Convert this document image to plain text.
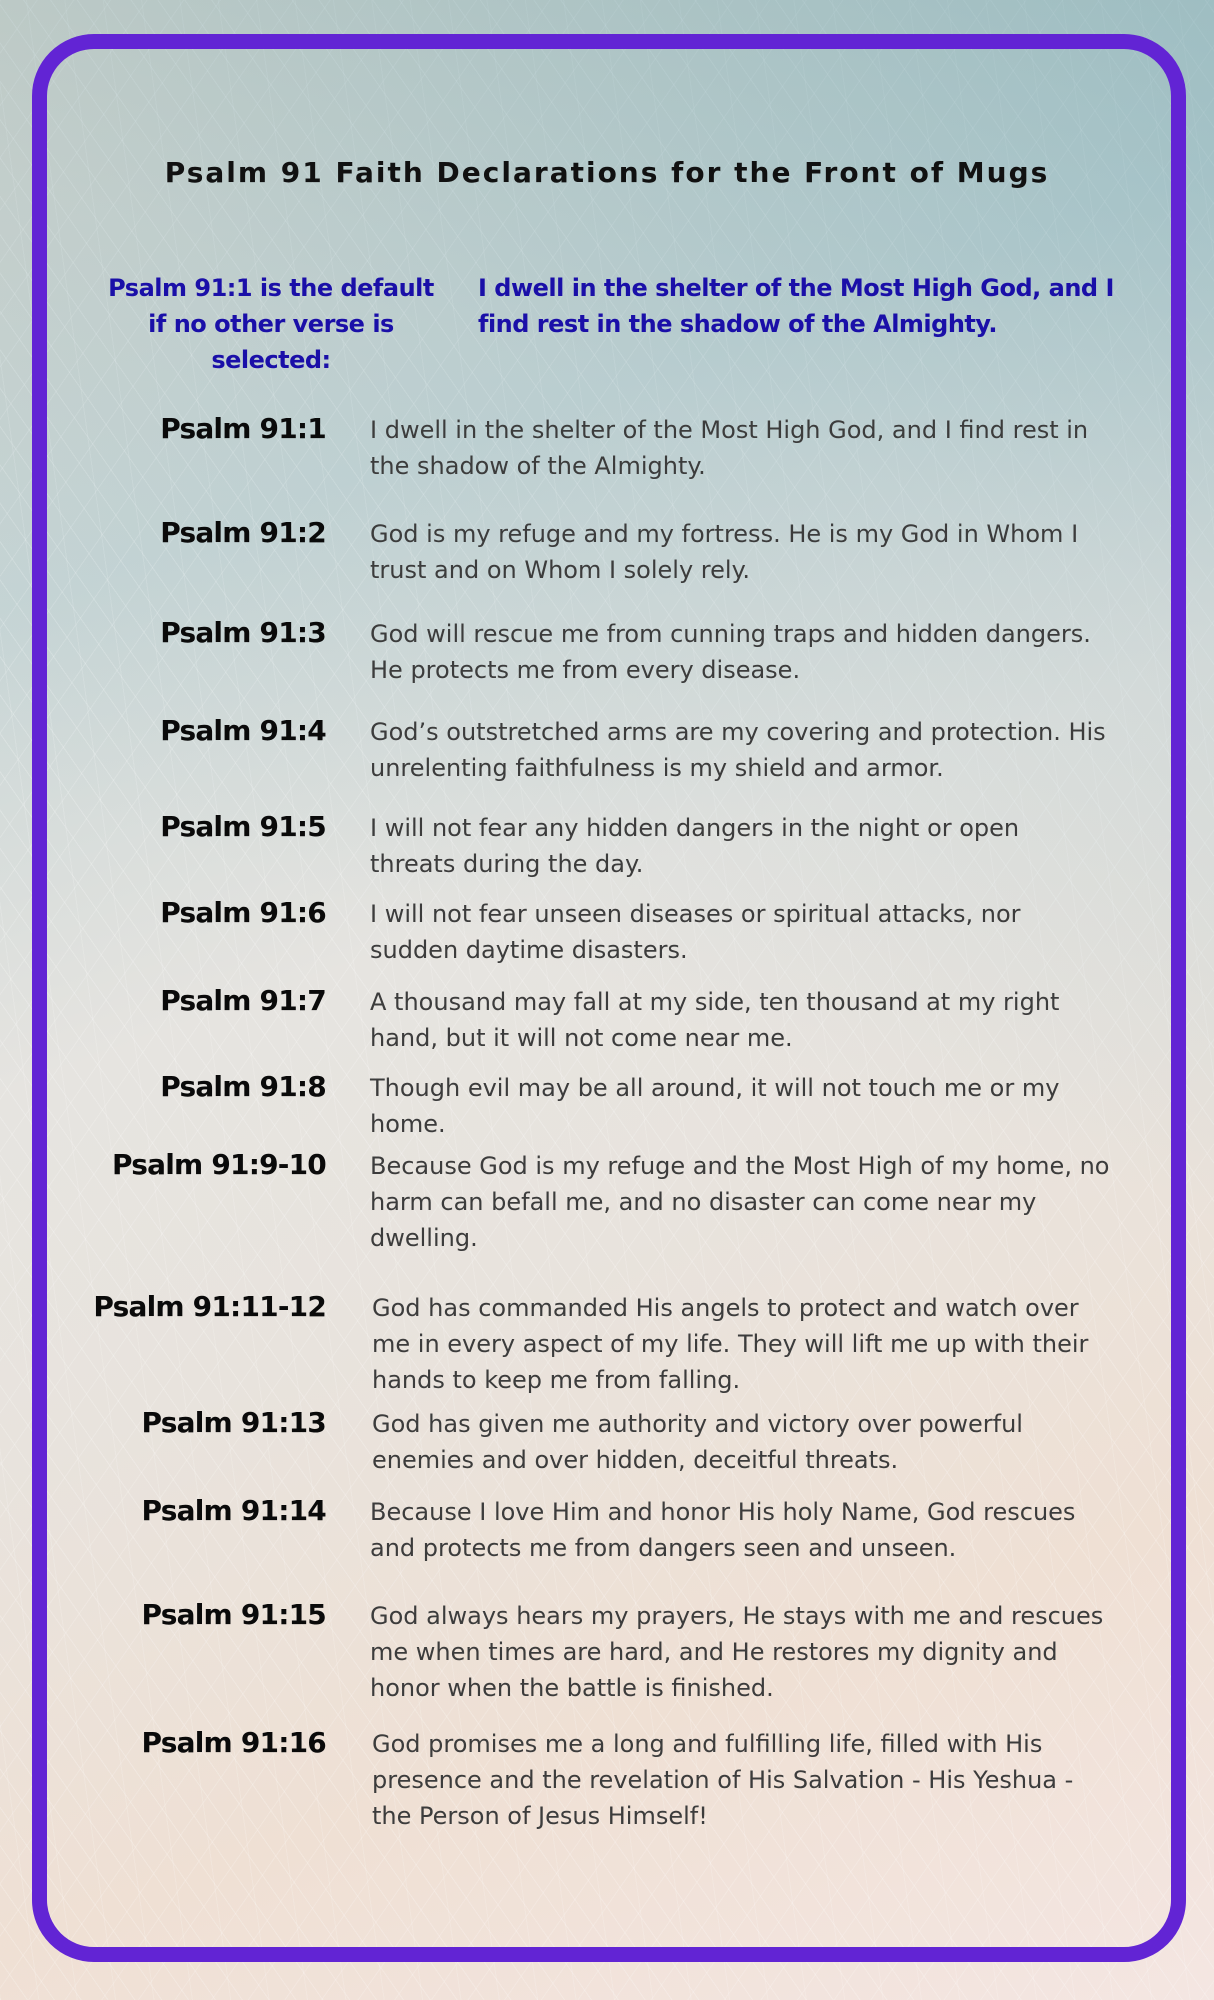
Psalm 91 Faith Declarations for the Front of Mugs
Psalm 91:1 is the default if no other verse is selected:
I dwell in the shelter of the Most High God, and I find rest in the shadow of the Almighty.
Psalm 91:1 I dwell in the shelter of the Most High God, and I find rest in the shadow of the Almighty.
Psalm 91:2 God is my refuge and my fortress. He is my God in Whom I trust and on Whom I solely rely.
Psalm 91:3 God will rescue me from cunning traps and hidden dangers. He protects me from every disease.
Psalm 91:4 God’s outstretched arms are my covering and protection. His unrelenting faithfulness is my shield and armor.
Psalm 91:5 I will not fear any hidden dangers in the night or open threats during the day.
Psalm 91:6 I will not fear unseen diseases or spiritual attacks, nor sudden daytime disasters.
Psalm 91:7 A thousand may fall at my side, ten thousand at my right hand, but it will not come near me.
Psalm 91:8 Though evil may be all around, it will not touch me or my home.
Psalm 91:9-10 Because God is my refuge and the Most High of my home, no harm can befall me, and no disaster can come near my dwelling.
Psalm 91:11-12 God has commanded His angels to protect and watch over me in every aspect of my life. They will lift me up with their hands to keep me from falling.
Psalm 91:13 God has given me authority and victory over powerful enemies and over hidden, deceitful threats.
Psalm 91:14 Because I love Him and honor His holy Name, God rescues and protects me from dangers seen and unseen.
Psalm 91:15 God always hears my prayers, He stays with me and rescues me when times are hard, and He restores my dignity and honor when the battle is finished.
Psalm 91:16 God promises me a long and fulfilling life, filled with His presence and the revelation of His Salvation - His Yeshua - the Person of Jesus Himself!
